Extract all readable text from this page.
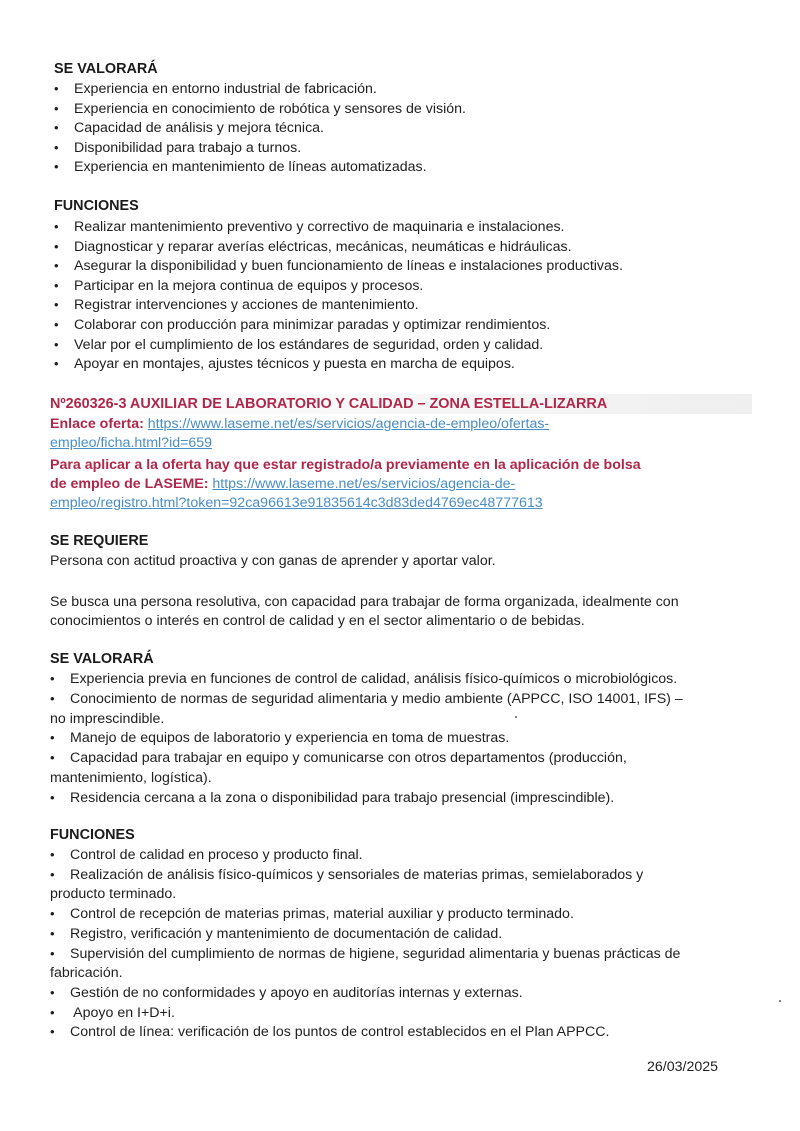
SE VALORARÁ
• Experiencia en entorno industrial de fabricación.
• Experiencia en conocimiento de robótica y sensores de visión.
• Capacidad de análisis y mejora técnica.
• Disponibilidad para trabajo a turnos.
• Experiencia en mantenimiento de líneas automatizadas.
FUNCIONES
• Realizar mantenimiento preventivo y correctivo de maquinaria e instalaciones.
• Diagnosticar y reparar averías eléctricas, mecánicas, neumáticas e hidráulicas.
• Asegurar la disponibilidad y buen funcionamiento de líneas e instalaciones productivas.
• Participar en la mejora continua de equipos y procesos.
• Registrar intervenciones y acciones de mantenimiento.
• Colaborar con producción para minimizar paradas y optimizar rendimientos.
• Velar por el cumplimiento de los estándares de seguridad, orden y calidad.
• Apoyar en montajes, ajustes técnicos y puesta en marcha de equipos.
Nº260326-3 AUXILIAR DE LABORATORIO Y CALIDAD – ZONA ESTELLA-LIZARRA
Enlace oferta: https://www.laseme.net/es/servicios/agencia-de-empleo/ofertas-
empleo/ficha.html?id=659
Para aplicar a la oferta hay que estar registrado/a previamente en la aplicación de bolsa
de empleo de LASEME: https://www.laseme.net/es/servicios/agencia-de-
empleo/registro.html?token=92ca96613e91835614c3d83ded4769ec48777613
SE REQUIERE
Persona con actitud proactiva y con ganas de aprender y aportar valor.
Se busca una persona resolutiva, con capacidad para trabajar de forma organizada, idealmente con
conocimientos o interés en control de calidad y en el sector alimentario o de bebidas.
SE VALORARÁ
• Experiencia previa en funciones de control de calidad, análisis físico-químicos o microbiológicos.
• Conocimiento de normas de seguridad alimentaria y medio ambiente (APPCC, ISO 14001, IFS) –
no imprescindible.
• Manejo de equipos de laboratorio y experiencia en toma de muestras.
• Capacidad para trabajar en equipo y comunicarse con otros departamentos (producción,
mantenimiento, logística).
• Residencia cercana a la zona o disponibilidad para trabajo presencial (imprescindible).
FUNCIONES
• Control de calidad en proceso y producto final.
• Realización de análisis físico-químicos y sensoriales de materias primas, semielaborados y
producto terminado.
• Control de recepción de materias primas, material auxiliar y producto terminado.
• Registro, verificación y mantenimiento de documentación de calidad.
• Supervisión del cumplimiento de normas de higiene, seguridad alimentaria y buenas prácticas de
fabricación.
• Gestión de no conformidades y apoyo en auditorías internas y externas.
• Apoyo en I+D+i.
• Control de línea: verificación de los puntos de control establecidos en el Plan APPCC.
26/03/2025
